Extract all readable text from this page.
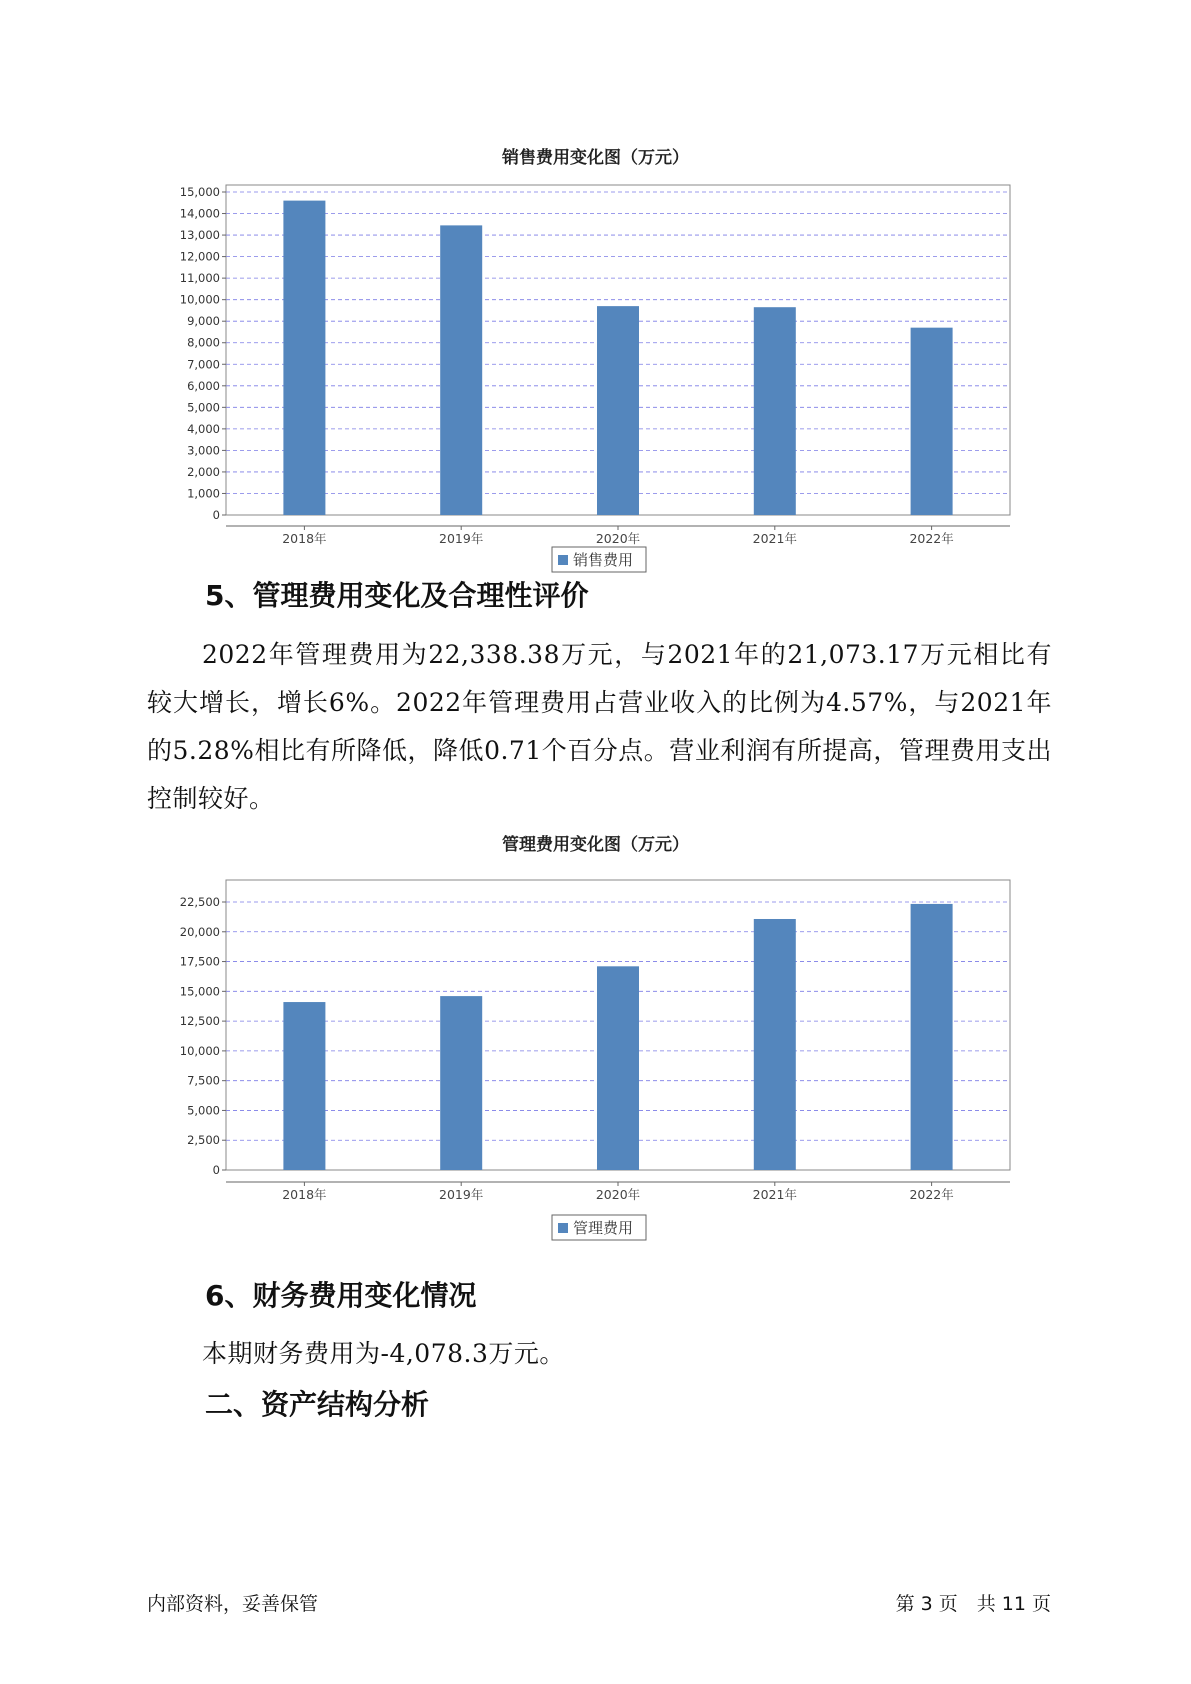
销售费用变化图（万元）
0
1,000
2,000
3,000
4,000
5,000
6,000
7,000
8,000
9,000
10,000
11,000
12,000
13,000
14,000
15,000
2018年	2019年	2020年	2021年	2022年
销售费用
5、管理费用变化及合理性评价
2022年管理费用为22,338.38万元，与2021年的21,073.17万元相比有较大增长，增长6%。2022年管理费用占营业收入的比例为4.57%，与2021年的5.28%相比有所降低，降低0.71个百分点。营业利润有所提高，管理费用支出控制较好。
管理费用变化图（万元）
0
2,500
5,000
7,500
10,000
12,500
15,000
17,500
20,000
22,500
2018年	2019年	2020年	2021年	2022年
管理费用
6、财务费用变化情况
本期财务费用为-4,078.3万元。
二、资产结构分析
内部资料，妥善保管	第 3 页　共 11 页
